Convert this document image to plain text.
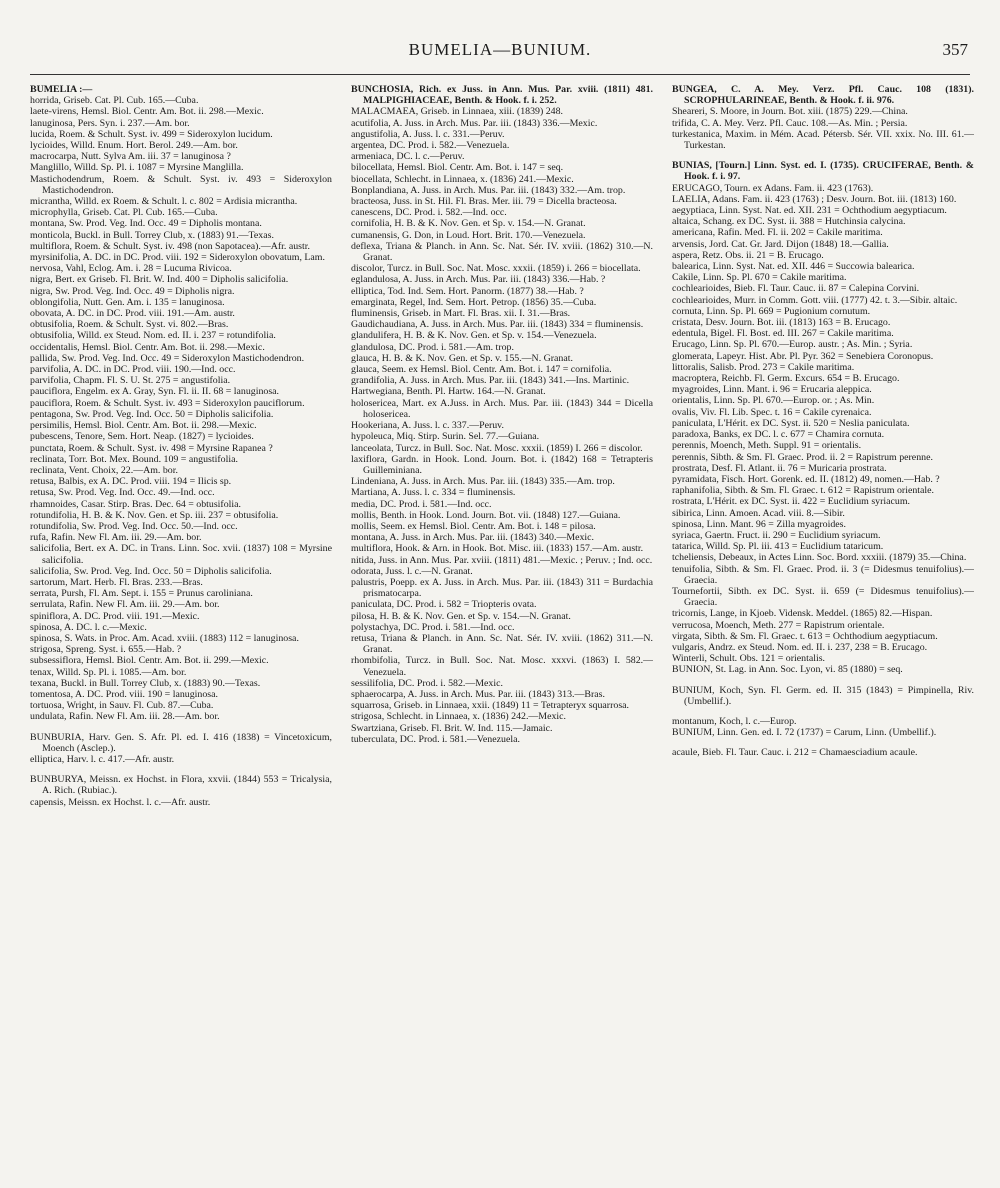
BUMELIA—BUNIUM.	357

BUMELIA :—

horrida, Griseb. Cat. Pl. Cub. 165.—Cuba.

laete-virens, Hemsl. Biol. Centr. Am. Bot. ii. 298.—Mexic.

lanuginosa, Pers. Syn. i. 237.—Am. bor.

lucida, Roem. & Schult. Syst. iv. 499 = Sideroxylon lucidum.

lycioides, Willd. Enum. Hort. Berol. 249.—Am. bor.

macrocarpa, Nutt. Sylva Am. iii. 37 = lanuginosa ?

Manglillo, Willd. Sp. Pl. i. 1087 = Myrsine Manglilla.

Mastichodendrum, Roem. & Schult. Syst. iv. 493 = Sideroxylon Mastichodendron.

micrantha, Willd. ex Roem. & Schult. l. c. 802 = Ardisia micrantha.

microphylla, Griseb. Cat. Pl. Cub. 165.—Cuba.

montana, Sw. Prod. Veg. Ind. Occ. 49 = Dipholis montana.

monticola, Buckl. in Bull. Torrey Club, x. (1883) 91.—Texas.

multiflora, Roem. & Schult. Syst. iv. 498 (non Sapotacea).—Afr. austr.

myrsinifolia, A. DC. in DC. Prod. viii. 192 = Sideroxylon obovatum, Lam.

nervosa, Vahl, Eclog. Am. i. 28 = Lucuma Rivicoa.

nigra, Bert. ex Griseb. Fl. Brit. W. Ind. 400 = Dipholis salicifolia.

nigra, Sw. Prod. Veg. Ind. Occ. 49 = Dipholis nigra.

oblongifolia, Nutt. Gen. Am. i. 135 = lanuginosa.

obovata, A. DC. in DC. Prod. viii. 191.—Am. austr.

obtusifolia, Roem. & Schult. Syst. vi. 802.—Bras.

obtusifolia, Willd. ex Steud. Nom. ed. II. i. 237 = rotundifolia.

occidentalis, Hemsl. Biol. Centr. Am. Bot. ii. 298.—Mexic.

pallida, Sw. Prod. Veg. Ind. Occ. 49 = Sideroxylon Mastichodendron.

parvifolia, A. DC. in DC. Prod. viii. 190.—Ind. occ.

parvifolia, Chapm. Fl. S. U. St. 275 = angustifolia.

pauciflora, Engelm. ex A. Gray, Syn. Fl. ii. II. 68 = lanuginosa.

pauciflora, Roem. & Schult. Syst. iv. 493 = Sideroxylon pauciflorum.

pentagona, Sw. Prod. Veg. Ind. Occ. 50 = Dipholis salicifolia.

persimilis, Hemsl. Biol. Centr. Am. Bot. ii. 298.—Mexic.

pubescens, Tenore, Sem. Hort. Neap. (1827) = lycioides.

punctata, Roem. & Schult. Syst. iv. 498 = Myrsine Rapanea ?

reclinata, Torr. Bot. Mex. Bound. 109 = angustifolia.

reclinata, Vent. Choix, 22.—Am. bor.

retusa, Balbis, ex A. DC. Prod. viii. 194 = Ilicis sp.

retusa, Sw. Prod. Veg. Ind. Occ. 49.—Ind. occ.

rhamnoides, Casar. Stirp. Bras. Dec. 64 = obtusifolia.

rotundifolia, H. B. & K. Nov. Gen. et Sp. iii. 237 = obtusifolia.

rotundifolia, Sw. Prod. Veg. Ind. Occ. 50.—Ind. occ.

rufa, Rafin. New Fl. Am. iii. 29.—Am. bor.

salicifolia, Bert. ex A. DC. in Trans. Linn. Soc. xvii. (1837) 108 = Myrsine salicifolia.

salicifolia, Sw. Prod. Veg. Ind. Occ. 50 = Dipholis salicifolia.

sartorum, Mart. Herb. Fl. Bras. 233.—Bras.

serrata, Pursh, Fl. Am. Sept. i. 155 = Prunus caroliniana.

serrulata, Rafin. New Fl. Am. iii. 29.—Am. bor.

spiniflora, A. DC. Prod. viii. 191.—Mexic.

spinosa, A. DC. l. c.—Mexic.

spinosa, S. Wats. in Proc. Am. Acad. xviii. (1883) 112 = lanuginosa.

strigosa, Spreng. Syst. i. 655.—Hab. ?

subsessiflora, Hemsl. Biol. Centr. Am. Bot. ii. 299.—Mexic.

tenax, Willd. Sp. Pl. i. 1085.—Am. bor.

texana, Buckl. in Bull. Torrey Club, x. (1883) 90.—Texas.

tomentosa, A. DC. Prod. viii. 190 = lanuginosa.

tortuosa, Wright, in Sauv. Fl. Cub. 87.—Cuba.

undulata, Rafin. New Fl. Am. iii. 28.—Am. bor.

BUNBURIA, Harv. Gen. S. Afr. Pl. ed. I. 416 (1838) = Vincetoxicum, Moench (Asclep.).

elliptica, Harv. l. c. 417.—Afr. austr.

BUNBURYA, Meissn. ex Hochst. in Flora, xxvii. (1844) 553 = Tricalysia, A. Rich. (Rubiac.).

capensis, Meissn. ex Hochst. l. c.—Afr. austr.

BUNCHOSIA, Rich. ex Juss. in Ann. Mus. Par. xviii. (1811) 481. MALPIGHIACEAE, Benth. & Hook. f. i. 252.

MALACMAEA, Griseb. in Linnaea, xiii. (1839) 248.

acutifolia, A. Juss. in Arch. Mus. Par. iii. (1843) 336.—Mexic.

angustifolia, A. Juss. l. c. 331.—Peruv.

argentea, DC. Prod. i. 582.—Venezuela.

armeniaca, DC. l. c.—Peruv.

bilocellata, Hemsl. Biol. Centr. Am. Bot. i. 147 = seq.

biocellata, Schlecht. in Linnaea, x. (1836) 241.—Mexic.

Bonplandiana, A. Juss. in Arch. Mus. Par. iii. (1843) 332.—Am. trop.

bracteosa, Juss. in St. Hil. Fl. Bras. Mer. iii. 79 = Dicella bracteosa.

canescens, DC. Prod. i. 582.—Ind. occ.

cornifolia, H. B. & K. Nov. Gen. et Sp. v. 154.—N. Granat.

cumanensis, G. Don, in Loud. Hort. Brit. 170.—Venezuela.

deflexa, Triana & Planch. in Ann. Sc. Nat. Sér. IV. xviii. (1862) 310.—N. Granat.

discolor, Turcz. in Bull. Soc. Nat. Mosc. xxxii. (1859) i. 266 = biocellata.

eglandulosa, A. Juss. in Arch. Mus. Par. iii. (1843) 336.—Hab. ?

elliptica, Tod. Ind. Sem. Hort. Panorm. (1877) 38.—Hab. ?

emarginata, Regel, Ind. Sem. Hort. Petrop. (1856) 35.—Cuba.

fluminensis, Griseb. in Mart. Fl. Bras. xii. I. 31.—Bras.

Gaudichaudiana, A. Juss. in Arch. Mus. Par. iii. (1843) 334 = fluminensis.

glandulifera, H. B. & K. Nov. Gen. et Sp. v. 154.—Venezuela.

glandulosa, DC. Prod. i. 581.—Am. trop.

glauca, H. B. & K. Nov. Gen. et Sp. v. 155.—N. Granat.

glauca, Seem. ex Hemsl. Biol. Centr. Am. Bot. i. 147 = cornifolia.

grandifolia, A. Juss. in Arch. Mus. Par. iii. (1843) 341.—Ins. Martinic.

Hartwegiana, Benth. Pl. Hartw. 164.—N. Granat.

holosericea, Mart. ex A.Juss. in Arch. Mus. Par. iii. (1843) 344 = Dicella holosericea.

Hookeriana, A. Juss. l. c. 337.—Peruv.

hypoleuca, Miq. Stirp. Surin. Sel. 77.—Guiana.

lanceolata, Turcz. in Bull. Soc. Nat. Mosc. xxxii. (1859) I. 266 = discolor.

laxiflora, Gardn. in Hook. Lond. Journ. Bot. i. (1842) 168 = Tetrapteris Guilleminiana.

Lindeniana, A. Juss. in Arch. Mus. Par. iii. (1843) 335.—Am. trop.

Martiana, A. Juss. l. c. 334 = fluminensis.

media, DC. Prod. i. 581.—Ind. occ.

mollis, Benth. in Hook. Lond. Journ. Bot. vii. (1848) 127.—Guiana.

mollis, Seem. ex Hemsl. Biol. Centr. Am. Bot. i. 148 = pilosa.

montana, A. Juss. in Arch. Mus. Par. iii. (1843) 340.—Mexic.

multiflora, Hook. & Arn. in Hook. Bot. Misc. iii. (1833) 157.—Am. austr.

nitida, Juss. in Ann. Mus. Par. xviii. (1811) 481.—Mexic. ; Peruv. ; Ind. occ.

odorata, Juss. l. c.—N. Granat.

palustris, Poepp. ex A. Juss. in Arch. Mus. Par. iii. (1843) 311 = Burdachia prismatocarpa.

paniculata, DC. Prod. i. 582 = Triopteris ovata.

pilosa, H. B. & K. Nov. Gen. et Sp. v. 154.—N. Granat.

polystachya, DC. Prod. i. 581.—Ind. occ.

retusa, Triana & Planch. in Ann. Sc. Nat. Sér. IV. xviii. (1862) 311.—N. Granat.

rhombifolia, Turcz. in Bull. Soc. Nat. Mosc. xxxvi. (1863) I. 582.—Venezuela.

sessilifolia, DC. Prod. i. 582.—Mexic.

sphaerocarpa, A. Juss. in Arch. Mus. Par. iii. (1843) 313.—Bras.

squarrosa, Griseb. in Linnaea, xxii. (1849) 11 = Tetrapteryx squarrosa.

strigosa, Schlecht. in Linnaea, x. (1836) 242.—Mexic.

Swartziana, Griseb. Fl. Brit. W. Ind. 115.—Jamaic.

tuberculata, DC. Prod. i. 581.—Venezuela.

BUNGEA, C. A. Mey. Verz. Pfl. Cauc. 108 (1831). SCROPHULARINEAE, Benth. & Hook. f. ii. 976.

Sheareri, S. Moore, in Journ. Bot. xiii. (1875) 229.—China.

trifida, C. A. Mey. Verz. Pfl. Cauc. 108.—As. Min. ; Persia.

turkestanica, Maxim. in Mém. Acad. Pétersb. Sér. VII. xxix. No. III. 61.—Turkestan.

BUNIAS, [Tourn.] Linn. Syst. ed. I. (1735). CRUCIFERAE, Benth. & Hook. f. i. 97.

ERUCAGO, Tourn. ex Adans. Fam. ii. 423 (1763).

LAELIA, Adans. Fam. ii. 423 (1763) ; Desv. Journ. Bot. iii. (1813) 160.

aegyptiaca, Linn. Syst. Nat. ed. XII. 231 = Ochthodium aegyptiacum.

altaica, Schang. ex DC. Syst. ii. 388 = Hutchinsia calycina.

americana, Rafin. Med. Fl. ii. 202 = Cakile maritima.

arvensis, Jord. Cat. Gr. Jard. Dijon (1848) 18.—Gallia.

aspera, Retz. Obs. ii. 21 = B. Erucago.

balearica, Linn. Syst. Nat. ed. XII. 446 = Succowia balearica.

Cakile, Linn. Sp. Pl. 670 = Cakile maritima.

cochlearioides, Bieb. Fl. Taur. Cauc. ii. 87 = Calepina Corvini.

cochlearioides, Murr. in Comm. Gott. viii. (1777) 42. t. 3.—Sibir. altaic.

cornuta, Linn. Sp. Pl. 669 = Pugionium cornutum.

cristata, Desv. Journ. Bot. iii. (1813) 163 = B. Erucago.

edentula, Bigel. Fl. Bost. ed. III. 267 = Cakile maritima.

Erucago, Linn. Sp. Pl. 670.—Europ. austr. ; As. Min. ; Syria.

glomerata, Lapeyr. Hist. Abr. Pl. Pyr. 362 = Senebiera Coronopus.

littoralis, Salisb. Prod. 273 = Cakile maritima.

macroptera, Reichb. Fl. Germ. Excurs. 654 = B. Erucago.

myagroides, Linn. Mant. i. 96 = Erucaria aleppica.

orientalis, Linn. Sp. Pl. 670.—Europ. or. ; As. Min.

ovalis, Viv. Fl. Lib. Spec. t. 16 = Cakile cyrenaica.

paniculata, L'Hérit. ex DC. Syst. ii. 520 = Neslia paniculata.

paradoxa, Banks, ex DC. l. c. 677 = Chamira cornuta.

perennis, Moench, Meth. Suppl. 91 = orientalis.

perennis, Sibth. & Sm. Fl. Graec. Prod. ii. 2 = Rapistrum perenne.

prostrata, Desf. Fl. Atlant. ii. 76 = Muricaria prostrata.

pyramidata, Fisch. Hort. Gorenk. ed. II. (1812) 49, nomen.—Hab. ?

raphanifolia, Sibth. & Sm. Fl. Graec. t. 612 = Rapistrum orientale.

rostrata, L'Hérit. ex DC. Syst. ii. 422 = Euclidium syriacum.

sibirica, Linn. Amoen. Acad. viii. 8.—Sibir.

spinosa, Linn. Mant. 96 = Zilla myagroides.

syriaca, Gaertn. Fruct. ii. 290 = Euclidium syriacum.

tatarica, Willd. Sp. Pl. iii. 413 = Euclidium tataricum.

tcheliensis, Debeaux, in Actes Linn. Soc. Bord. xxxiii. (1879) 35.—China.

tenuifolia, Sibth. & Sm. Fl. Graec. Prod. ii. 3 (= Didesmus tenuifolius).—Graecia.

Tournefortii, Sibth. ex DC. Syst. ii. 659 (= Didesmus tenuifolius).—Graecia.

tricornis, Lange, in Kjoeb. Vidensk. Meddel. (1865) 82.—Hispan.

verrucosa, Moench, Meth. 277 = Rapistrum orientale.

virgata, Sibth. & Sm. Fl. Graec. t. 613 = Ochthodium aegyptiacum.

vulgaris, Andrz. ex Steud. Nom. ed. II. i. 237, 238 = B. Erucago.

Winterli, Schult. Obs. 121 = orientalis.

BUNION, St. Lag. in Ann. Soc. Lyon, vi. 85 (1880) = seq.

BUNIUM, Koch, Syn. Fl. Germ. ed. II. 315 (1843) = Pimpinella, Riv. (Umbellif.).

montanum, Koch, l. c.—Europ.

BUNIUM, Linn. Gen. ed. I. 72 (1737) = Carum, Linn. (Umbellif.).

acaule, Bieb. Fl. Taur. Cauc. i. 212 = Chamaesciadium acaule.
